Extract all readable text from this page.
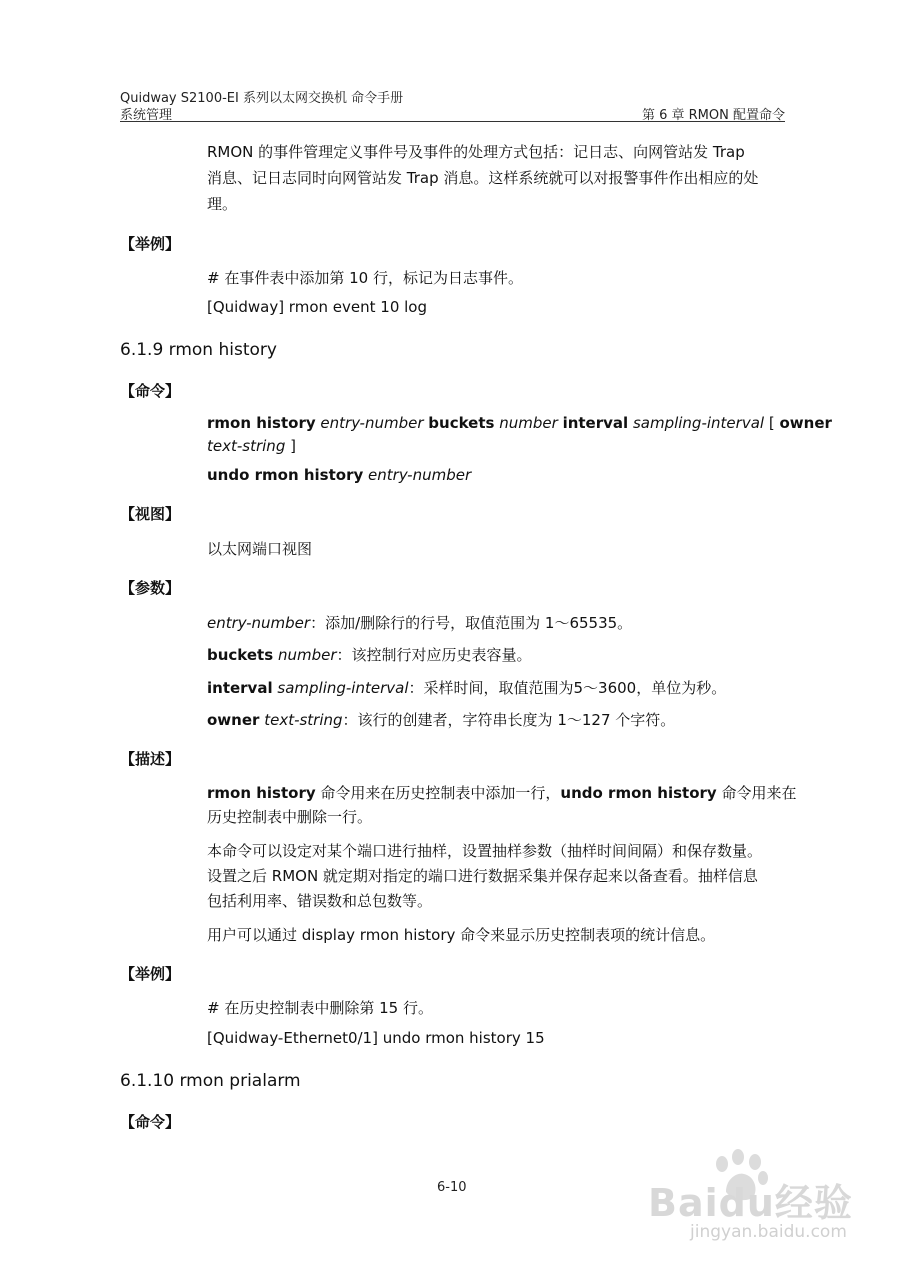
Quidway S2100-EI 系列以太网交换机 命令手册
系统管理	第 6 章 RMON 配置命令
RMON 的事件管理定义事件号及事件的处理方式包括：记日志、向网管站发 Trap
消息、记日志同时向网管站发 Trap 消息。这样系统就可以对报警事件作出相应的处
理。
【举例】
# 在事件表中添加第 10 行，标记为日志事件。
[Quidway] rmon event 10 log
6.1.9 rmon history
【命令】
rmon history entry-number buckets number interval sampling-interval [ owner
text-string ]
undo rmon history entry-number
【视图】
以太网端口视图
【参数】
entry-number：添加/删除行的行号，取值范围为 1～65535。
buckets number：该控制行对应历史表容量。
interval sampling-interval：采样时间，取值范围为5～3600，单位为秒。
owner text-string：该行的创建者，字符串长度为 1～127 个字符。
【描述】
rmon history 命令用来在历史控制表中添加一行，undo rmon history 命令用来在
历史控制表中删除一行。
本命令可以设定对某个端口进行抽样，设置抽样参数（抽样时间间隔）和保存数量。
设置之后 RMON 就定期对指定的端口进行数据采集并保存起来以备查看。抽样信息
包括利用率、错误数和总包数等。
用户可以通过 display rmon history 命令来显示历史控制表项的统计信息。
【举例】
# 在历史控制表中删除第 15 行。
[Quidway-Ethernet0/1] undo rmon history 15
6.1.10 rmon prialarm
【命令】
6-10	Baidu经验
jingyan.baidu.com
